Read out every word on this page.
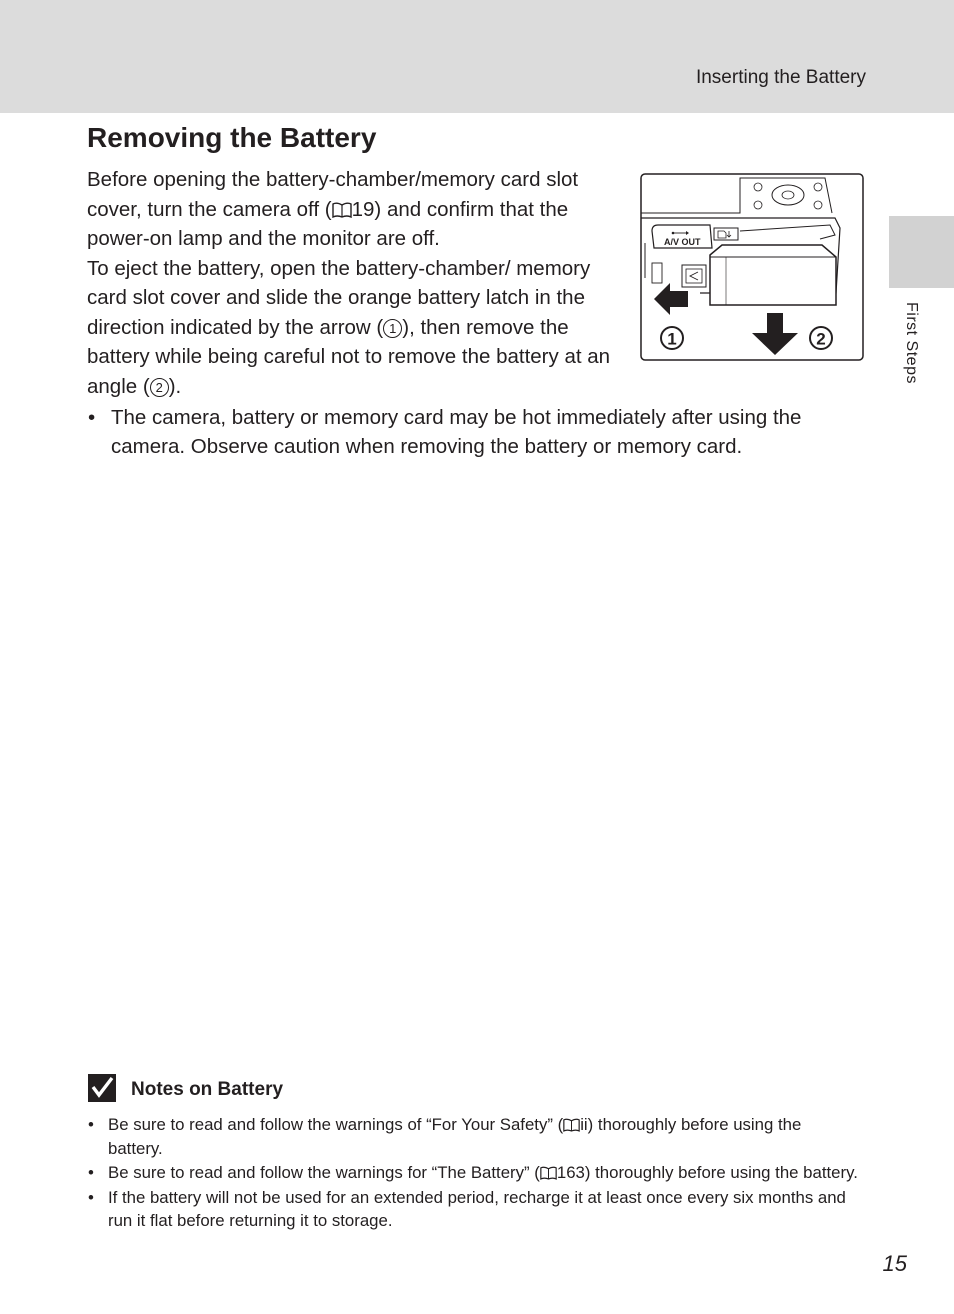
Inserting the Battery
First Steps
Removing the Battery

Before opening the battery-chamber/memory card slot cover, turn the camera off ( 19) and confirm that the power-on lamp and the monitor are off.

To eject the battery, open the battery-chamber/ memory card slot cover and slide the orange battery latch in the direction indicated by the arrow ( 1 ), then remove the battery while being careful not to remove the battery at an angle ( 2 ).

A/V OUT
1	2
• The camera, battery or memory card may be hot immediately after using the camera. Observe caution when removing the battery or memory card.
Notes on Battery
• Be sure to read and follow the warnings of “For Your Safety” ( ii) thoroughly before using the battery.
• Be sure to read and follow the warnings for “The Battery” ( 163) thoroughly before using the battery.
• If the battery will not be used for an extended period, recharge it at least once every six months and run it flat before returning it to storage.
15
